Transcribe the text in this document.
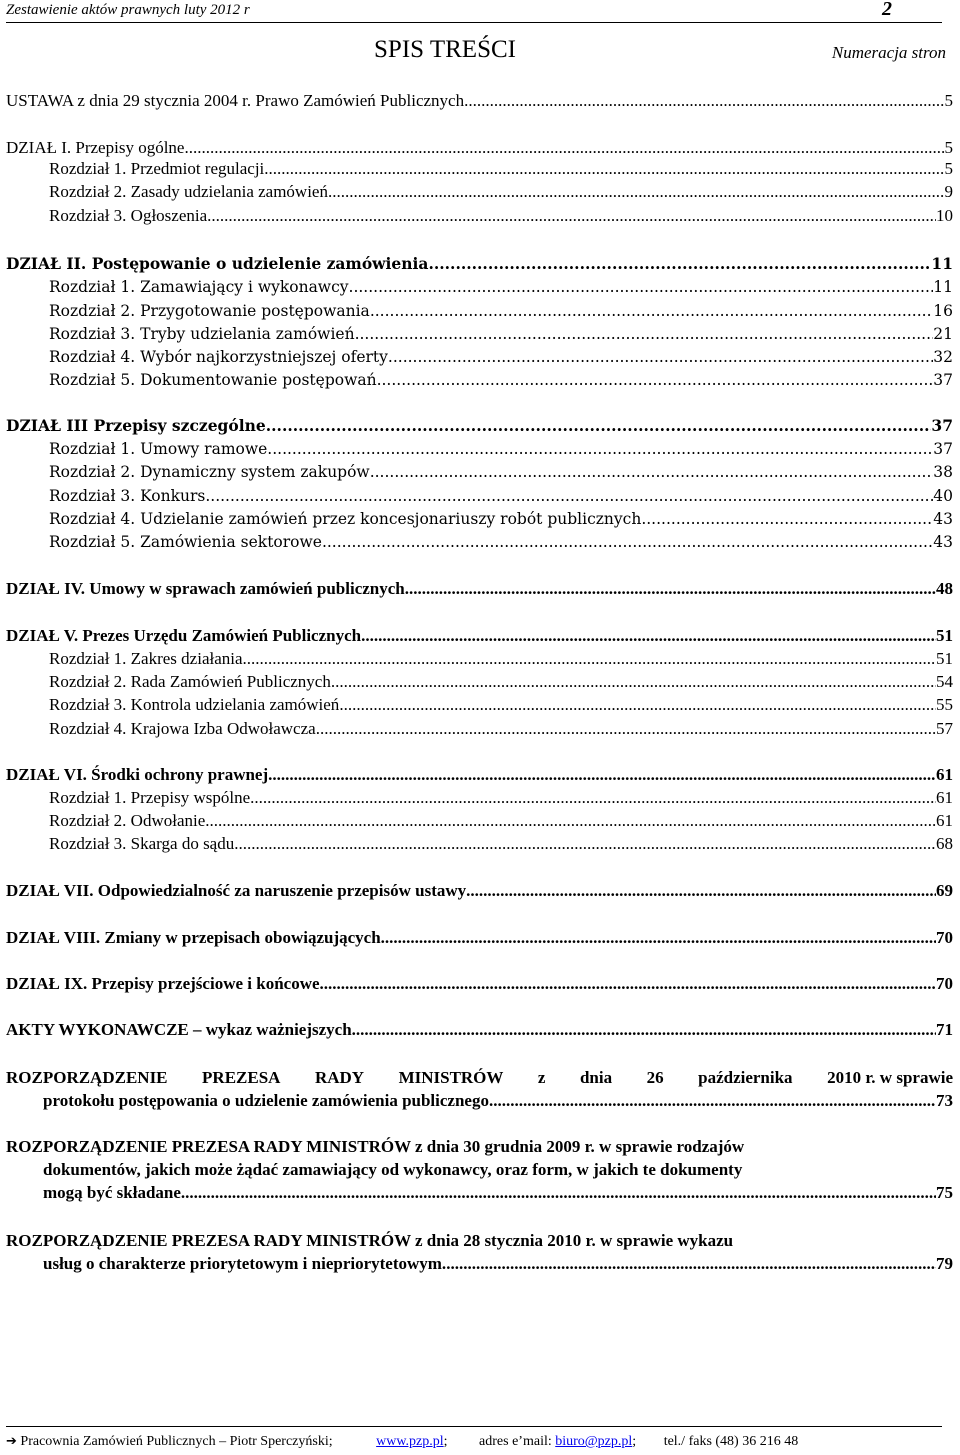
Zestawienie aktów prawnych luty 2012 r	2
SPIS TREŚCI	Numeracja stron
USTAWA z dnia 29 stycznia 2004 r. Prawo Zamówień Publicznych .....	5
DZIAŁ I. Przepisy ogólne .....	5
Rozdział 1. Przedmiot regulacji .....	5
Rozdział 2. Zasady udzielania zamówień .....	9
Rozdział 3. Ogłoszenia .....	10
DZIAŁ II. Postępowanie o udzielenie zamówienia .....	11
Rozdział 1. Zamawiający i wykonawcy .....	11
Rozdział 2. Przygotowanie postępowania .....	16
Rozdział 3. Tryby udzielania zamówień .....	21
Rozdział 4. Wybór najkorzystniejszej oferty .....	32
Rozdział 5. Dokumentowanie postępowań .....	37
DZIAŁ III Przepisy szczególne .....	37
Rozdział 1. Umowy ramowe .....	37
Rozdział 2. Dynamiczny system zakupów .....	38
Rozdział 3. Konkurs .....	40
Rozdział 4. Udzielanie zamówień przez koncesjonariuszy robót publicznych .....	43
Rozdział 5. Zamówienia sektorowe .....	43
DZIAŁ IV. Umowy w sprawach zamówień publicznych .....	48
DZIAŁ V. Prezes Urzędu Zamówień Publicznych .....	51
Rozdział 1. Zakres działania .....	51
Rozdział 2. Rada Zamówień Publicznych .....	54
Rozdział 3. Kontrola udzielania zamówień .....	55
Rozdział 4. Krajowa Izba Odwoławcza .....	57
DZIAŁ VI. Środki ochrony prawnej .....	61
Rozdział 1. Przepisy wspólne .....	61
Rozdział 2. Odwołanie .....	61
Rozdział 3. Skarga do sądu .....	68
DZIAŁ VII. Odpowiedzialność za naruszenie przepisów ustawy .....	69
DZIAŁ VIII. Zmiany w przepisach obowiązujących .....	70
DZIAŁ IX. Przepisy przejściowe i końcowe .....	70
AKTY WYKONAWCZE – wykaz ważniejszych. .....	71
ROZPORZĄDZENIE PREZESA RADY MINISTRÓW z dnia 26 października 2010 r. w sprawie
protokołu postępowania o udzielenie zamówienia publicznego .....	73
ROZPORZĄDZENIE PREZESA RADY MINISTRÓW z dnia 30 grudnia 2009 r. w sprawie rodzajów
dokumentów, jakich może żądać zamawiający od wykonawcy, oraz form, w jakich te dokumenty
mogą być składane. .....	75
ROZPORZĄDZENIE PREZESA RADY MINISTRÓW z dnia 28 stycznia 2010 r. w sprawie wykazu
usług o charakterze priorytetowym i niepriorytetowym. .....	79
➔ Pracownia Zamówień Publicznych – Piotr Sperczyński;	www.pzp.pl; adres e’mail: biuro@pzp.pl; tel./ faks (48) 36 216 48
